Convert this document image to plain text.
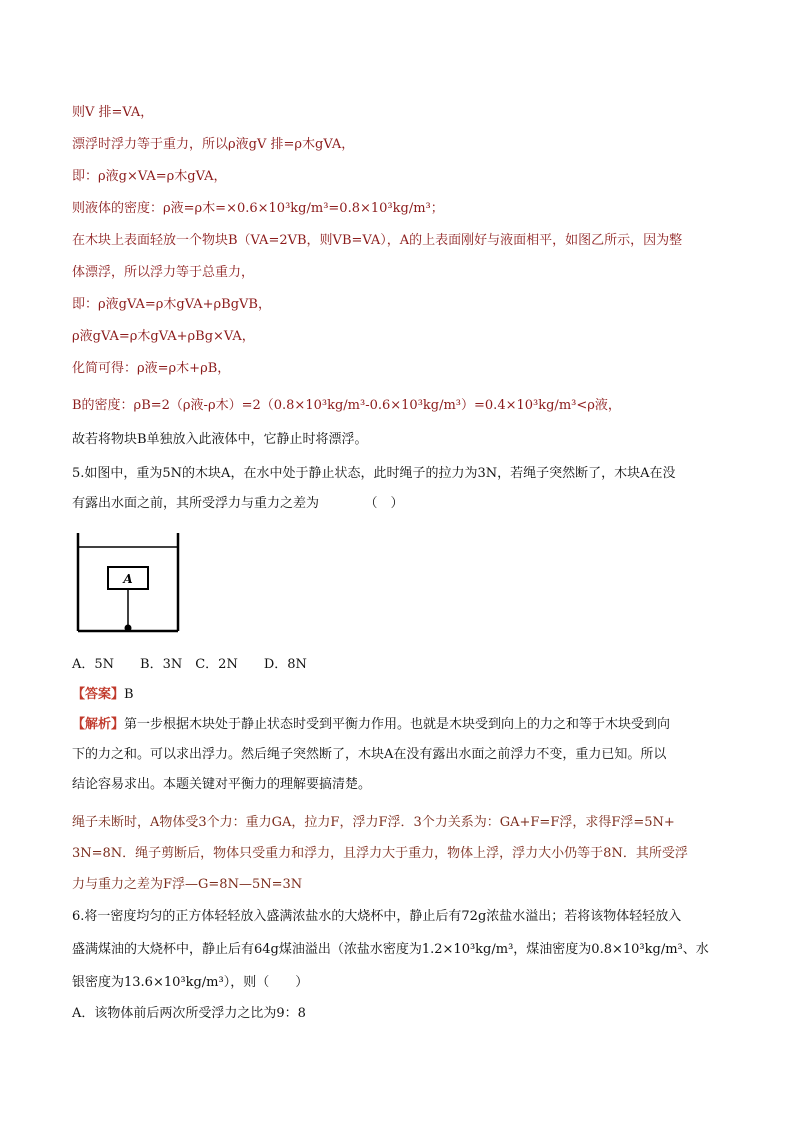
则V 排=VA，
漂浮时浮力等于重力，所以ρ液gV 排=ρ木gVA，
即：ρ液g×VA=ρ木gVA，
则液体的密度：ρ液=ρ木=×0.6×10³kg/m³=0.8×10³kg/m³；
在木块上表面轻放一个物块B（VA=2VB，则VB=VA），A的上表面刚好与液面相平，如图乙所示，因为整
体漂浮，所以浮力等于总重力，
即：ρ液gVA=ρ木gVA+ρBgVB，
ρ液gVA=ρ木gVA+ρBg×VA，
化简可得：ρ液=ρ木+ρB，
B的密度：ρB=2（ρ液-ρ木）=2（0.8×10³kg/m³-0.6×10³kg/m³）=0.4×10³kg/m³<ρ液，
故若将物块B单独放入此液体中，它静止时将漂浮。
5.如图中，重为5N的木块A，在水中处于静止状态，此时绳子的拉力为3N，若绳子突然断了，木块A在没
有露出水面之前，其所受浮力与重力之差为　　　　（　）
A
A．5N　　B．3N　C．2N　　D．8N
【答案】B
【解析】第一步根据木块处于静止状态时受到平衡力作用。也就是木块受到向上的力之和等于木块受到向
下的力之和。可以求出浮力。然后绳子突然断了，木块A在没有露出水面之前浮力不变，重力已知。所以
结论容易求出。本题关键对平衡力的理解要搞清楚。
绳子未断时，A物体受3个力：重力GA，拉力F，浮力F浮．3个力关系为：GA+F=F浮，求得F浮=5N+
3N=8N．绳子剪断后，物体只受重力和浮力，且浮力大于重力，物体上浮，浮力大小仍等于8N．其所受浮
力与重力之差为F浮—G=8N—5N=3N
6.将一密度均匀的正方体轻轻放入盛满浓盐水的大烧杯中，静止后有72g浓盐水溢出；若将该物体轻轻放入
盛满煤油的大烧杯中，静止后有64g煤油溢出（浓盐水密度为1.2×10³kg/m³，煤油密度为0.8×10³kg/m³、水
银密度为13.6×10³kg/m³），则（　　）
A．该物体前后两次所受浮力之比为9：8
